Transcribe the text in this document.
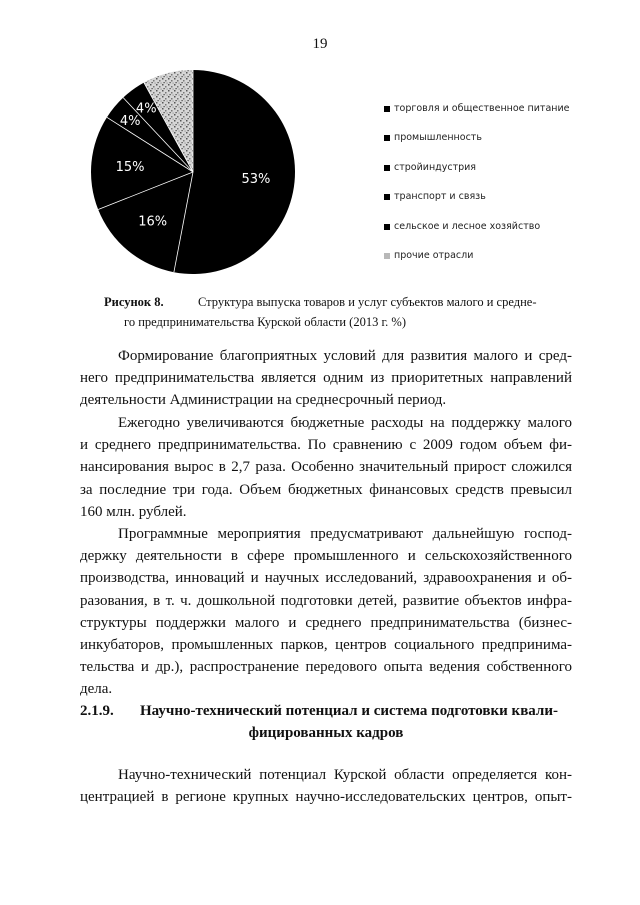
19
53%
16%
15%
4%
4%	торговля и общественное питание
промышленность
стройиндустрия
транспорт и связь
сельское и лесное хозяйство
прочие отрасли
Рисунок 8.	Структура выпуска товаров и услуг субъектов малого и средне-
го предпринимательства Курской области (2013 г. %)
Формирование благоприятных условий для развития малого и сред-
него предпринимательства является одним из приоритетных направлений
деятельности Администрации на среднесрочный период.
Ежегодно увеличиваются бюджетные расходы на поддержку малого
и среднего предпринимательства. По сравнению с 2009 годом объем фи-
нансирования вырос в 2,7 раза. Особенно значительный прирост сложился
за последние три года. Объем бюджетных финансовых средств превысил
160 млн. рублей.
Программные мероприятия предусматривают дальнейшую господ-
держку деятельности в сфере промышленного и сельскохозяйственного
производства, инноваций и научных исследований, здравоохранения и об-
разования, в т. ч. дошкольной подготовки детей, развитие объектов инфра-
структуры поддержки малого и среднего предпринимательства (бизнес-
инкубаторов, промышленных парков, центров социального предпринима-
тельства и др.), распространение передового опыта ведения собственного
дела.
2.1.9. Научно-технический потенциал и система подготовки квали-
фицированных кадров
Научно-технический потенциал Курской области определяется кон-
центрацией в регионе крупных научно-исследовательских центров, опыт-
